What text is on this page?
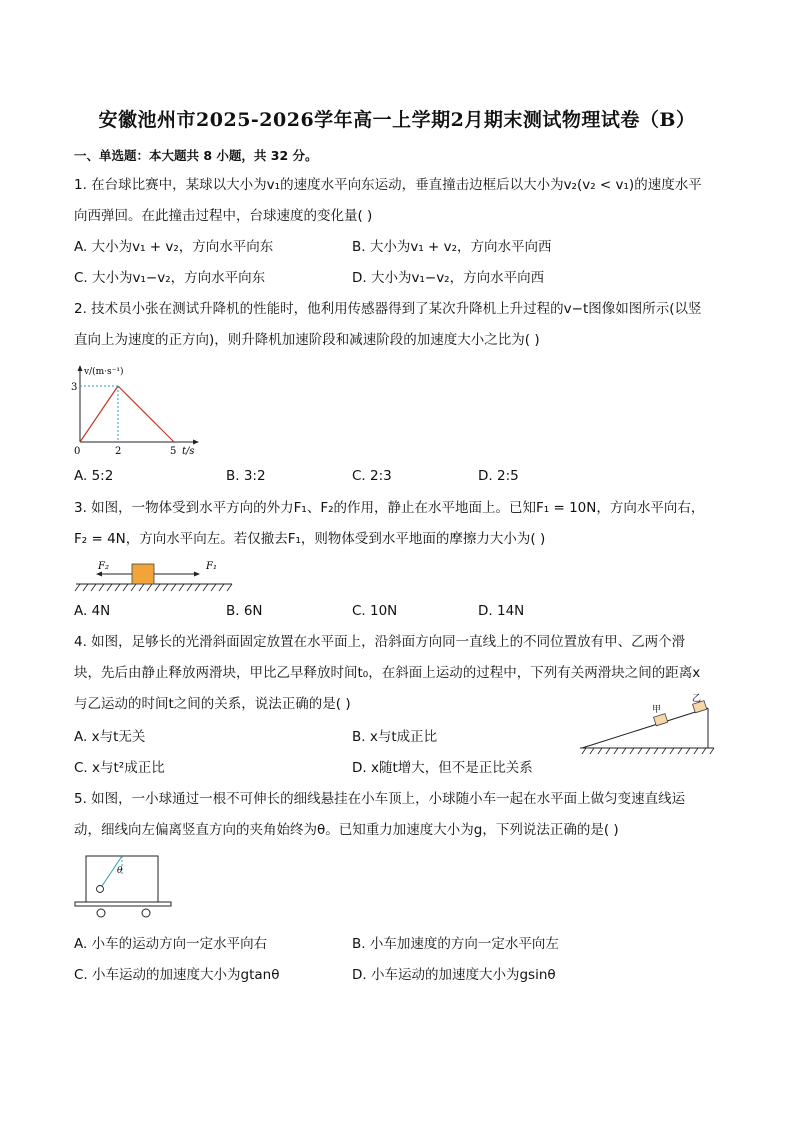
安徽池州市2025-2026学年高一上学期2月期末测试物理试卷（B）
一、单选题：本大题共 8 小题，共 32 分。
1. 在台球比赛中，某球以大小为v₁的速度水平向东运动，垂直撞击边框后以大小为v₂(v₂ < v₁)的速度水平
向西弹回。在此撞击过程中，台球速度的变化量( )
A. 大小为v₁ + v₂，方向水平向东	B. 大小为v₁ + v₂，方向水平向西
C. 大小为v₁−v₂，方向水平向东	D. 大小为v₁−v₂，方向水平向西
2. 技术员小张在测试升降机的性能时，他利用传感器得到了某次升降机上升过程的v−t图像如图所示(以竖
直向上为速度的正方向)，则升降机加速阶段和减速阶段的加速度大小之比为( )
v/(m·s⁻¹)
3
0	2	5 t/s
A. 5:2	B. 3:2	C. 2:3	D. 2:5
3. 如图，一物体受到水平方向的外力F₁、F₂的作用，静止在水平地面上。已知F₁ = 10N，方向水平向右，
F₂ = 4N，方向水平向左。若仅撤去F₁，则物体受到水平地面的摩擦力大小为( )
F₂	F₁
A. 4N	B. 6N	C. 10N	D. 14N
4. 如图，足够长的光滑斜面固定放置在水平面上，沿斜面方向同一直线上的不同位置放有甲、乙两个滑
块，先后由静止释放两滑块，甲比乙早释放时间t₀，在斜面上运动的过程中，下列有关两滑块之间的距离x
与乙运动的时间t之间的关系，说法正确的是( )	甲
乙
A. x与t无关	B. x与t成正比
C. x与t²成正比	D. x随t增大，但不是正比关系
5. 如图，一小球通过一根不可伸长的细线悬挂在小车顶上，小球随小车一起在水平面上做匀变速直线运
动，细线向左偏离竖直方向的夹角始终为θ。已知重力加速度大小为g，下列说法正确的是( )
θ
A. 小车的运动方向一定水平向右	B. 小车加速度的方向一定水平向左
C. 小车运动的加速度大小为gtanθ	D. 小车运动的加速度大小为gsinθ
